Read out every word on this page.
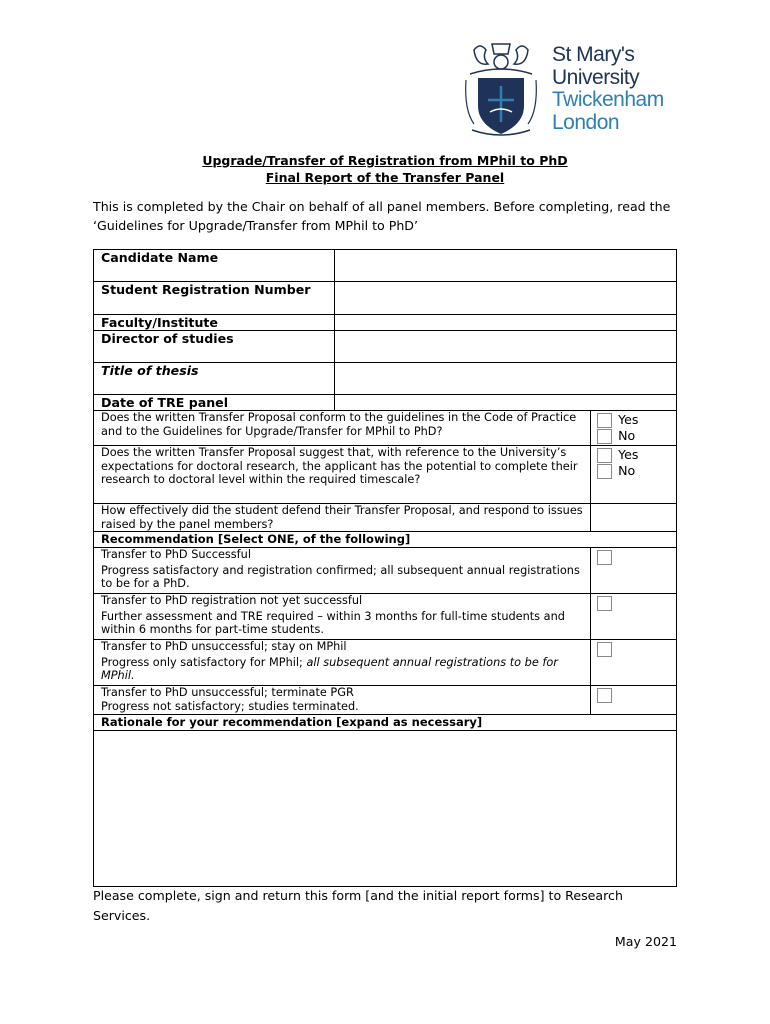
St Mary's
University
Twickenham
London
Upgrade/Transfer of Registration from MPhil to PhD
Final Report of the Transfer Panel
This is completed by the Chair on behalf of all panel members. Before completing, read the ‘Guidelines for Upgrade/Transfer from MPhil to PhD’
Candidate Name		
Student Registration Number		
Faculty/Institute		
Director of studies		
Title of thesis		
Date of TRE panel		
Does the written Transfer Proposal conform to the guidelines in the Code of Practice and to the Guidelines for Upgrade/Transfer for MPhil to PhD?		Yes
No

Does the written Transfer Proposal suggest that, with reference to the University’s expectations for doctoral research, the applicant has the potential to complete their research to doctoral level within the required timescale?		Yes
No

How effectively did the student defend their Transfer Proposal, and respond to issues raised by the panel members?		
Recommendation [Select ONE, of the following]		

Transfer to PhD Successful
Progress satisfactory and registration confirmed; all subsequent annual registrations to be for a PhD.		

Transfer to PhD registration not yet successful
Further assessment and TRE required – within 3 months for full-time students and within 6 months for part-time students.		

Transfer to PhD unsuccessful; stay on MPhil
Progress only satisfactory for MPhil; all subsequent annual registrations to be for MPhil.		

Transfer to PhD unsuccessful; terminate PGR
Progress not satisfactory; studies terminated.		

Rationale for your recommendation [expand as necessary]		

Please complete, sign and return this form [and the initial report forms] to Research Services.
May 2021
